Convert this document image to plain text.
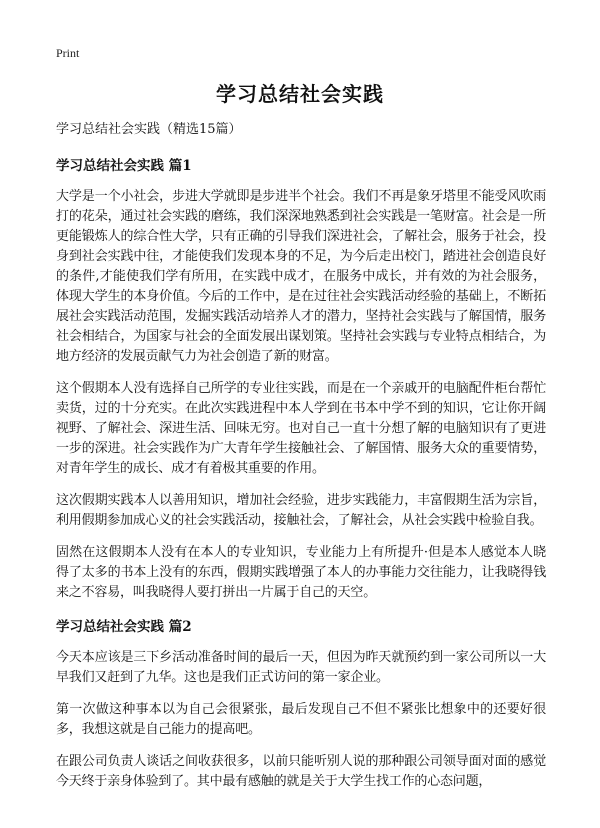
Print
学习总结社会实践

学习总结社会实践（精选15篇）

学习总结社会实践 篇1

大学是一个小社会，步进大学就即是步进半个社会。我们不再是象牙塔里不能受风吹雨打的花朵，通过社会实践的磨练，我们深深地熟悉到社会实践是一笔财富。社会是一所更能锻炼人的综合性大学，只有正确的引导我们深进社会，了解社会，服务于社会，投身到社会实践中往，才能使我们发现本身的不足，为今后走出校门，踏进社会创造良好的条件,才能使我们学有所用，在实践中成才，在服务中成长，并有效的为社会服务，体现大学生的本身价值。今后的工作中，是在过往社会实践活动经验的基础上，不断拓展社会实践活动范围，发掘实践活动培养人才的潜力，坚持社会实践与了解国情，服务社会相结合，为国家与社会的全面发展出谋划策。坚持社会实践与专业特点相结合，为地方经济的发展贡献气力为社会创造了新的财富。

这个假期本人没有选择自己所学的专业往实践，而是在一个亲戚开的电脑配件柜台帮忙卖货，过的十分充实。在此次实践进程中本人学到在书本中学不到的知识，它让你开阔视野、了解社会、深进生活、回味无穷。也对自己一直十分想了解的电脑知识有了更进一步的深进。社会实践作为广大青年学生接触社会、了解国情、服务大众的重要情势，对青年学生的成长、成才有着极其重要的作用。

这次假期实践本人以善用知识，增加社会经验，进步实践能力，丰富假期生活为宗旨，利用假期参加成心义的社会实践活动，接触社会，了解社会，从社会实践中检验自我。

固然在这假期本人没有在本人的专业知识，专业能力上有所提升·但是本人感觉本人晓得了太多的书本上没有的东西，假期实践增强了本人的办事能力交往能力，让我晓得钱来之不容易，叫我晓得人要打拼出一片属于自己的天空。

学习总结社会实践 篇2

今天本应该是三下乡活动准备时间的最后一天，但因为昨天就预约到一家公司所以一大早我们又赶到了九华。这也是我们正式访问的第一家企业。

第一次做这种事本以为自己会很紧张，最后发现自己不但不紧张比想象中的还要好很多，我想这就是自己能力的提高吧。

在跟公司负责人谈话之间收获很多，以前只能听别人说的那种跟公司领导面对面的感觉今天终于亲身体验到了。其中最有感触的就是关于大学生找工作的心态问题，
